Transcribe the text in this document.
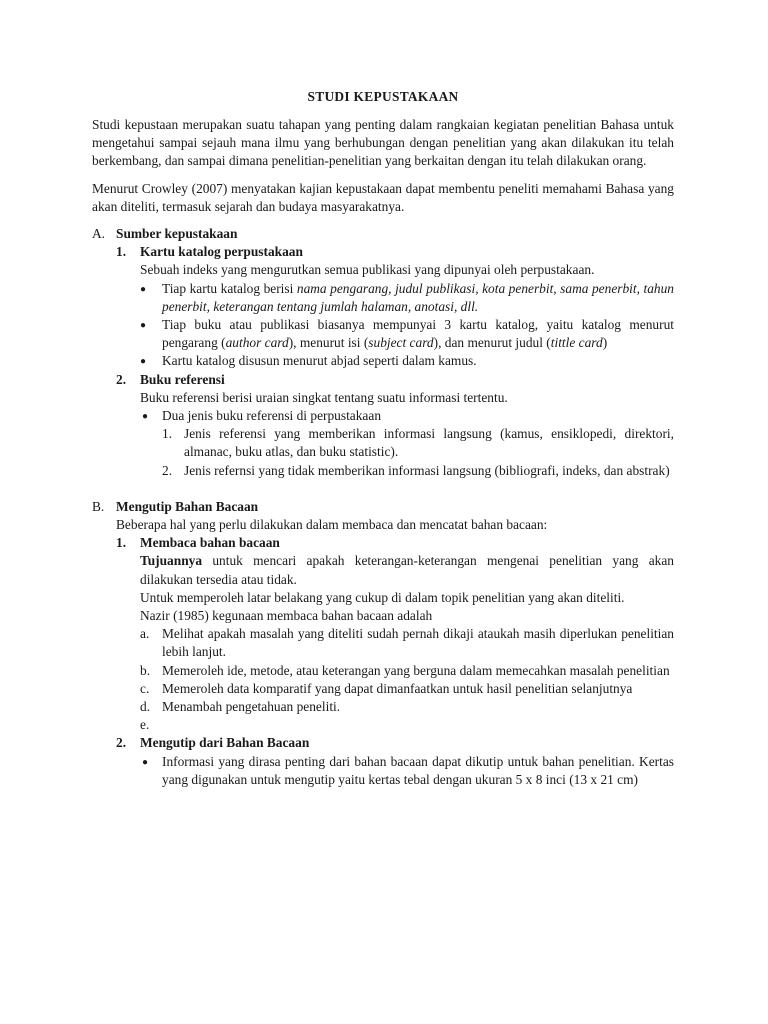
STUDI KEPUSTAKAAN

Studi kepustaan merupakan suatu tahapan yang penting dalam rangkaian kegiatan penelitian Bahasa untuk mengetahui sampai sejauh mana ilmu yang berhubungan dengan penelitian yang akan dilakukan itu telah berkembang, dan sampai dimana penelitian-penelitian yang berkaitan dengan itu telah dilakukan orang.

Menurut Crowley (2007) menyatakan kajian kepustakaan dapat membentu peneliti memahami Bahasa yang akan diteliti, termasuk sejarah dan budaya masyarakatnya.

A. Sumber kepustakaan
1. Kartu katalog perpustakaan
Sebuah indeks yang mengurutkan semua publikasi yang dipunyai oleh perpustakaan.
● Tiap kartu katalog berisi nama pengarang, judul publikasi, kota penerbit, sama penerbit, tahun penerbit, keterangan tentang jumlah halaman, anotasi, dll.
● Tiap buku atau publikasi biasanya mempunyai 3 kartu katalog, yaitu katalog menurut pengarang (author card), menurut isi (subject card), dan menurut judul (tittle card)
● Kartu katalog disusun menurut abjad seperti dalam kamus.
2. Buku referensi
Buku referensi berisi uraian singkat tentang suatu informasi tertentu.
● Dua jenis buku referensi di perpustakaan
1. Jenis referensi yang memberikan informasi langsung (kamus, ensiklopedi, direktori, almanac, buku atlas, dan buku statistic).
2. Jenis refernsi yang tidak memberikan informasi langsung (bibliografi, indeks, dan abstrak)
B. Mengutip Bahan Bacaan
Beberapa hal yang perlu dilakukan dalam membaca dan mencatat bahan bacaan:
1. Membaca bahan bacaan
Tujuannya untuk mencari apakah keterangan-keterangan mengenai penelitian yang akan dilakukan tersedia atau tidak.
Untuk memperoleh latar belakang yang cukup di dalam topik penelitian yang akan diteliti.
Nazir (1985) kegunaan membaca bahan bacaan adalah
a. Melihat apakah masalah yang diteliti sudah pernah dikaji ataukah masih diperlukan penelitian lebih lanjut.
b. Memeroleh ide, metode, atau keterangan yang berguna dalam memecahkan masalah penelitian
c. Memeroleh data komparatif yang dapat dimanfaatkan untuk hasil penelitian selanjutnya
d. Menambah pengetahuan peneliti.
e.
2. Mengutip dari Bahan Bacaan
● Informasi yang dirasa penting dari bahan bacaan dapat dikutip untuk bahan penelitian. Kertas yang digunakan untuk mengutip yaitu kertas tebal dengan ukuran 5 x 8 inci (13 x 21 cm)
